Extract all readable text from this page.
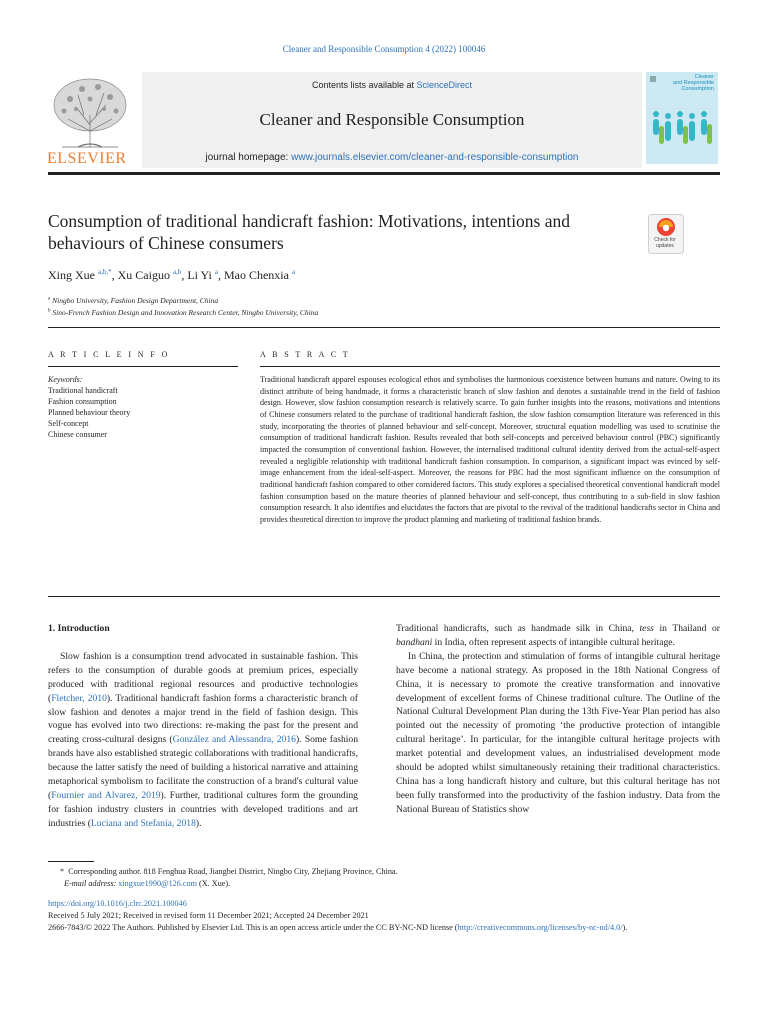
Cleaner and Responsible Consumption 4 (2022) 100046
ELSEVIER
Contents lists available at ScienceDirect
Cleaner and Responsible Consumption
journal homepage: www.journals.elsevier.com/cleaner-and-responsible-consumption
Cleaner
and Responsible
Consumption
Consumption of traditional handicraft fashion: Motivations, intentions and
behaviours of Chinese consumers	Check for
updates
Xing Xue $^{a,b,*}$, Xu Caiguo $^{a,b}$, Li Yi $^a$, Mao Chenxia $^a$
$^a$ Ningbo University, Fashion Design Department, China
$^b$ Sino-French Fashion Design and Innovation Research Center, Ningbo University, China
A R T I C L E I N F O	A B S T R A C T
Keywords:
Traditional handicraft
Fashion consumption
Planned behaviour theory
Self-concept
Chinese consumer
Traditional handicraft apparel espouses ecological ethos and symbolises the harmonious coexistence between humans and nature. Owing to its distinct attribute of being handmade, it forms a characteristic branch of slow fashion and denotes a sustainable trend in the field of fashion design. However, slow fashion consumption research is relatively scarce. To gain further insights into the reasons, motivations and intentions of Chinese consumers related to the purchase of traditional handicraft fashion, the slow fashion consumption literature was referenced in this study, incorporating the theories of planned behaviour and self-concept. Moreover, structural equation modelling was used to scrutinise the consumption of traditional handicraft fashion. Results revealed that both self-concepts and perceived behaviour control (PBC) significantly impacted the consumption of conventional fashion. However, the internalised traditional cultural identity derived from the actual-self-aspect revealed a negligible relationship with traditional handicraft fashion consumption. In comparison, a significant impact was evinced by self-image enhancement from the ideal-self-aspect. Moreover, the reasons for PBC had the most significant influence on the consumption of traditional handicraft fashion compared to other considered factors. This study explores a specialised theoretical conventional handicraft model fashion consumption based on the mature theories of planned behaviour and self-concept, thus contributing to a sub-field in slow fashion consumption research. It also identifies and elucidates the factors that are pivotal to the revival of the traditional handicrafts sector in China and provides theoretical direction to improve the product planning and marketing of traditional fashion brands.

1. Introduction

Slow fashion is a consumption trend advocated in sustainable fashion. This refers to the consumption of durable goods at premium prices, especially produced with traditional regional resources and productive technologies (Fletcher, 2010). Traditional handicraft fashion forms a characteristic branch of slow fashion and denotes a major trend in the field of fashion design. This vogue has evolved into two directions: re-making the past for the present and creating cross-cultural designs (González and Alessandra, 2016). Some fashion brands have also established strategic collaborations with traditional handicrafts, because the latter satisfy the need of building a historical narrative and attaining metaphorical symbolism to facilitate the construction of a brand's cultural value (Fournier and Alvarez, 2019). Further, traditional cultures form the grounding for fashion industry clusters in countries with developed traditions and art industries (Luciana and Stefania, 2018).

Traditional handicrafts, such as handmade silk in China, tess in Thailand or bandhani in India, often represent aspects of intangible cultural heritage.

In China, the protection and stimulation of forms of intangible cultural heritage have become a national strategy. As proposed in the 18th National Congress of China, it is necessary to promote the creative transformation and innovative development of excellent forms of Chinese traditional culture. The Outline of the National Cultural Development Plan during the 13th Five-Year Plan period has also pointed out the necessity of promoting ‘the productive protection of intangible cultural heritage’. In particular, for the intangible cultural heritage projects with market potential and development values, an industrialised development mode should be adopted whilst simultaneously retaining their traditional characteristics. China has a long handicraft history and culture, but this cultural heritage has not been fully transformed into the productivity of the fashion industry. Data from the National Bureau of Statistics show

* Corresponding author. 818 Fenghua Road, Jiangbei District, Ningbo City, Zhejiang Province, China.
E-mail address: xingxue1990@126.com (X. Xue).
https://doi.org/10.1016/j.clrc.2021.100046
Received 5 July 2021; Received in revised form 11 December 2021; Accepted 24 December 2021
2666-7843/© 2022 The Authors. Published by Elsevier Ltd. This is an open access article under the CC BY-NC-ND license (http://creativecommons.org/licenses/by-nc-nd/4.0/).
